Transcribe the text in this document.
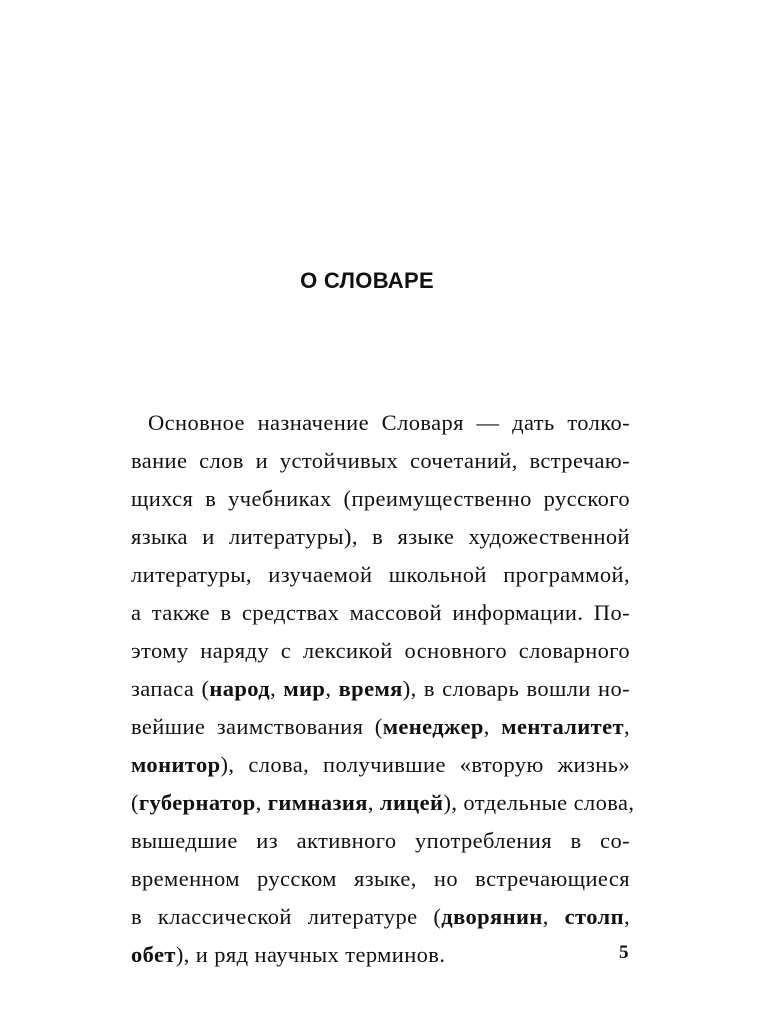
О СЛОВАРЕ
Основное назначение Словаря — дать толко-
вание слов и устойчивых сочетаний, встречаю-
щихся в учебниках (преимущественно русского
языка и литературы), в языке художественной
литературы, изучаемой школьной программой,
а также в средствах массовой информации. По-
этому наряду с лексикой основного словарного
запаса (народ, мир, время), в словарь вошли но-
вейшие заимствования (менеджер, менталитет,
монитор), слова, получившие «вторую жизнь»
(губернатор, гимназия, лицей), отдельные слова,
вышедшие из активного употребления в со-
временном русском языке, но встречающиеся
в классической литературе (дворянин, столп,
обет), и ряд научных терминов.	5
